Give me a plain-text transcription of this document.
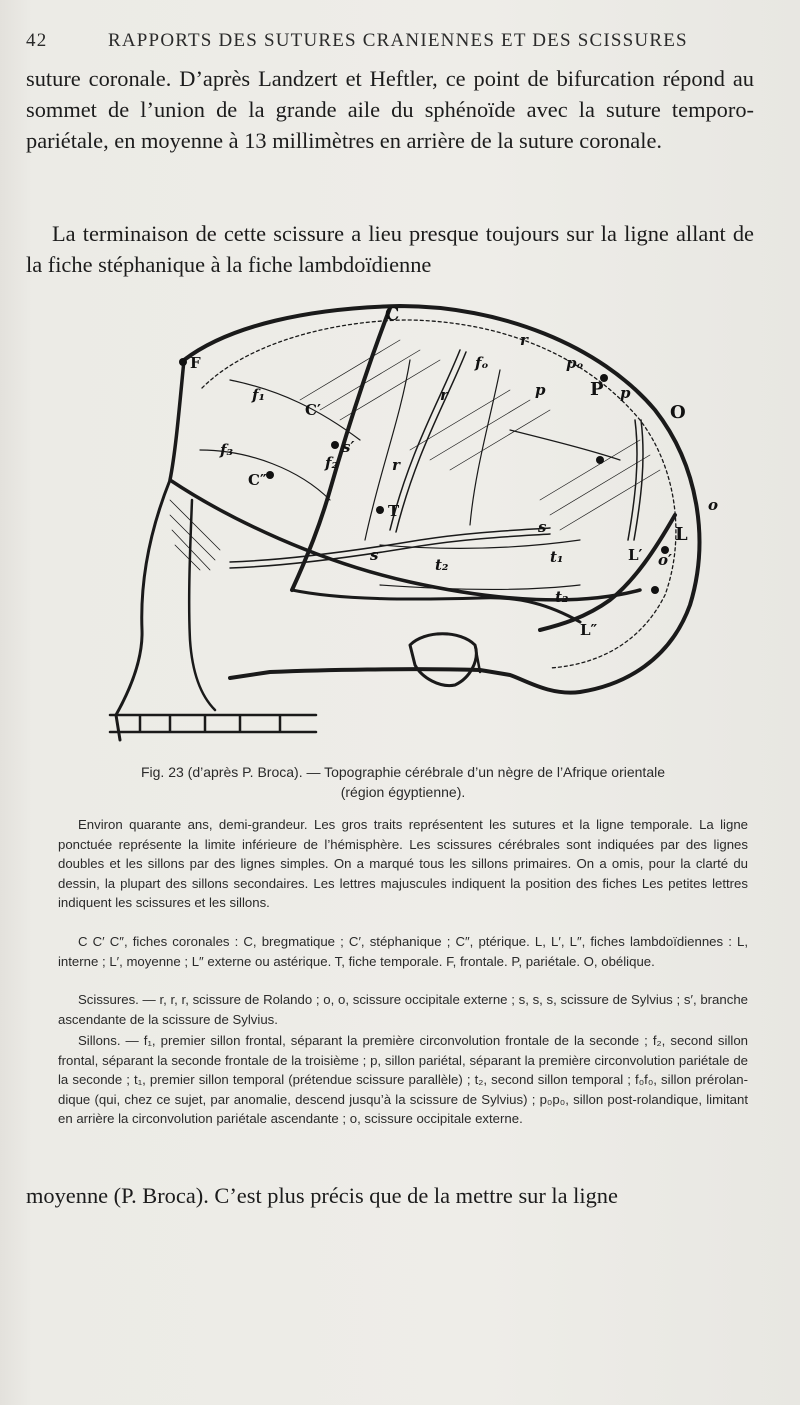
42	RAPPORTS DES SUTURES CRANIENNES ET DES SCISSURES

suture coronale. D’après Landzert et Heftler, ce point de bifurcation répond au sommet de l’union de la grande aile du sphénoïde avec la suture temporo-pariétale, en moyenne à 13 millimètres en arrière de la suture coronale.

La terminaison de cette scissure a lieu presque toujours sur la ligne allant de la fiche stéphanique à la fiche lambdoïdienne

C
F
C′
C″
T
P
O
L
L′
L″
f₁
f₂
f₃
r
r
r
p	p
s
s′
s
t₁
t₂
t₂
fₒ	pₒ
o
o′
Fig. 23 (d’après P. Broca). — Topographie cérébrale d’un nègre de l’Afrique orientale
(région égyptienne).

Environ quarante ans, demi-grandeur. Les gros traits représentent les sutures et la ligne temporale. La ligne ponctuée représente la limite inférieure de l’hémisphère. Les scissures cérébrales sont indiquées par des lignes doubles et les sillons par des lignes simples. On a marqué tous les sillons primaires. On a omis, pour la clarté du dessin, la plupart des sillons secondaires. Les lettres majuscules indiquent la position des fiches Les petites lettres indiquent les scissures et les sillons.

C C′ C″, fiches coronales : C, bregmatique ; C′, stéphanique ; C″, ptérique. L, L′, L″, fiches lambdoïdiennes : L, interne ; L′, moyenne ; L″ externe ou astérique. T, fiche temporale. F, frontale. P, pariétale. O, obélique.

Scissures. — r, r, r, scissure de Rolando ; o, o, scissure occipitale externe ; s, s, s, scissure de Sylvius ; s′, branche ascendante de la scissure de Sylvius.

Sillons. — f₁, premier sillon frontal, séparant la première circonvolution frontale de la seconde ; f₂, second sillon frontal, séparant la seconde frontale de la troisième ; p, sillon pariétal, séparant la première circonvolution pariétale de la seconde ; t₁, premier sillon temporal (prétendue scissure parallèle) ; t₂, second sillon temporal ; f₀f₀, sillon prérolandique (qui, chez ce sujet, par anomalie, descend jusqu’à la scissure de Sylvius) ; p₀p₀, sillon post-rolandique, limitant en arrière la circonvolution pariétale ascendante ; o, scissure occipitale externe.

moyenne (P. Broca). C’est plus précis que de la mettre sur la ligne
